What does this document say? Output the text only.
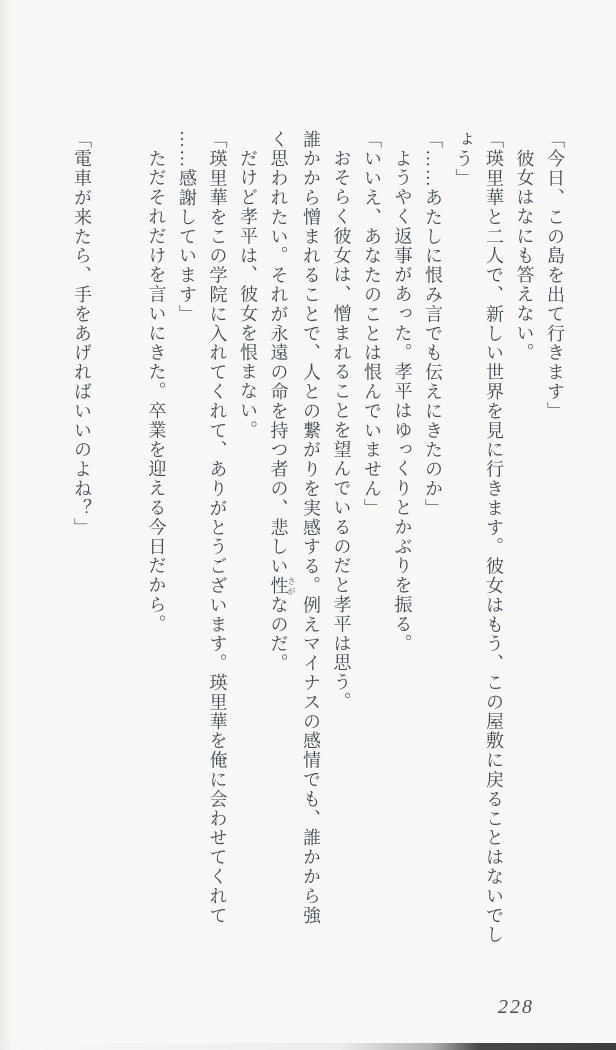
「今日、この島を出て行きます」
彼女はなにも答えない。
「瑛里華と二人で、新しい世界を見に行きます。彼女はもう、この屋敷に戻ることはないでし
ょう」
「……あたしに恨み言でも伝えにきたのか」
ようやく返事があった。孝平はゆっくりとかぶりを振る。
「いいえ、あなたのことは恨んでいません」
おそらく彼女は、憎まれることを望んでいるのだと孝平は思う。
誰かから憎まれることで、人との繋がりを実感する。例えマイナスの感情でも、誰かから強
く思われたい。それが永遠の命を持つ者の、悲しい性さがなのだ。
だけど孝平は、彼女を恨まない。
「瑛里華をこの学院に入れてくれて、ありがとうございます。瑛里華を俺に会わせてくれて
……感謝しています」
ただそれだけを言いにきた。卒業を迎える今日だから。

「電車が来たら、手をあげればいいのよね？」
228
